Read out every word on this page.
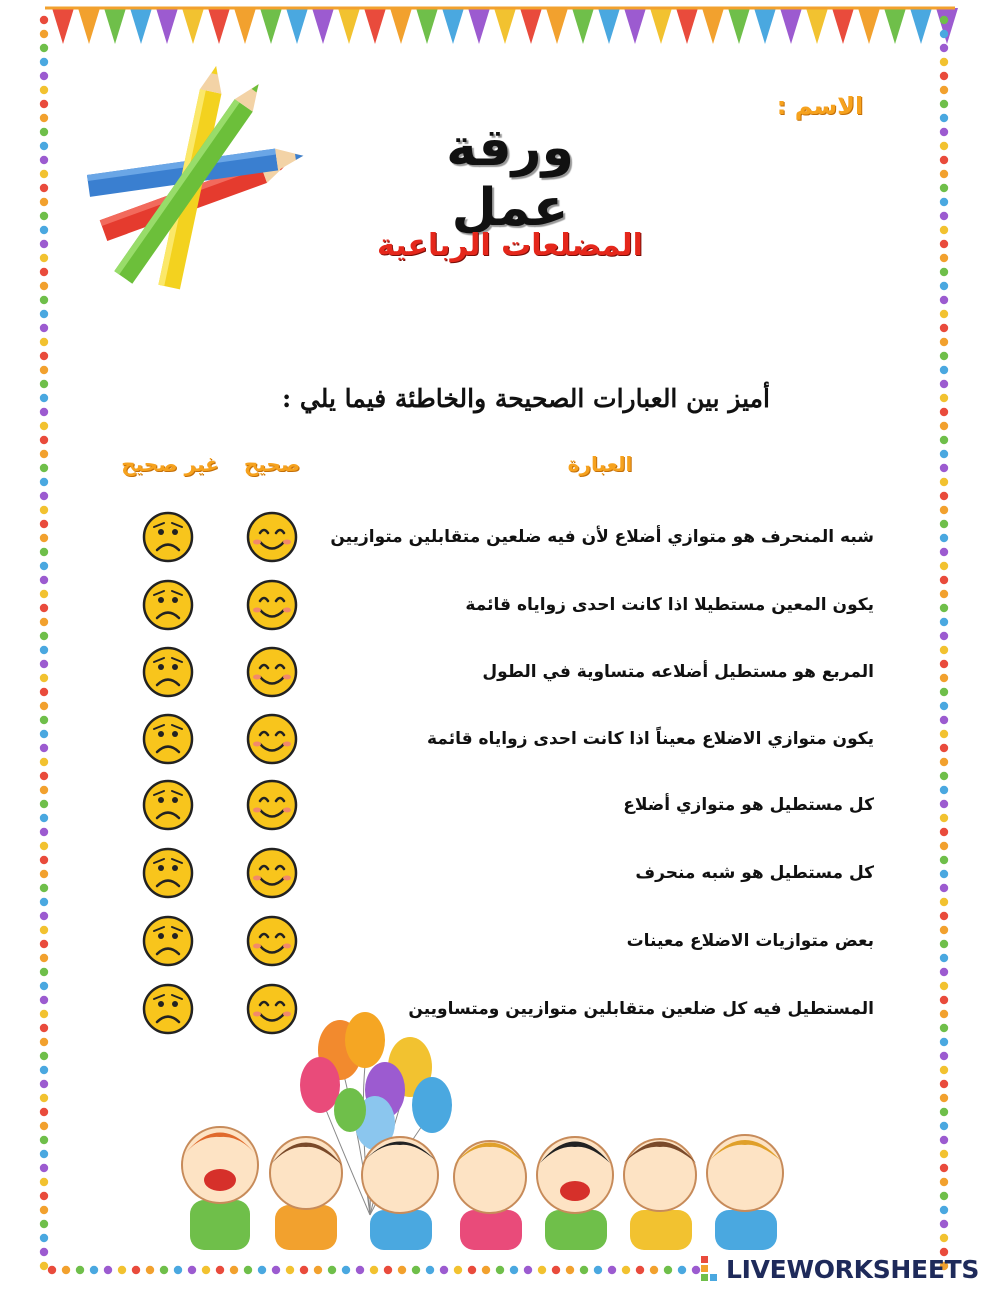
الاسم :
ورقة عمل
المضلعات الرباعية
أميز بين العبارات الصحيحة والخاطئة فيما يلي :
العبارة
صحيح
غير صحيح
شبه المنحرف هو متوازي أضلاع لأن فيه ضلعين متقابلين متوازيين
يكون المعين مستطيلا اذا كانت احدى زواياه قائمة
المربع هو مستطيل أضلاعه متساوية في الطول
يكون متوازي الاضلاع معيناً اذا كانت احدى زواياه قائمة
كل مستطيل هو متوازي أضلاع
كل مستطيل هو شبه منحرف
بعض متوازيات الاضلاع معينات
المستطيل فيه كل ضلعين متقابلين متوازيين ومتساويين
LIVEWORKSHEETS
